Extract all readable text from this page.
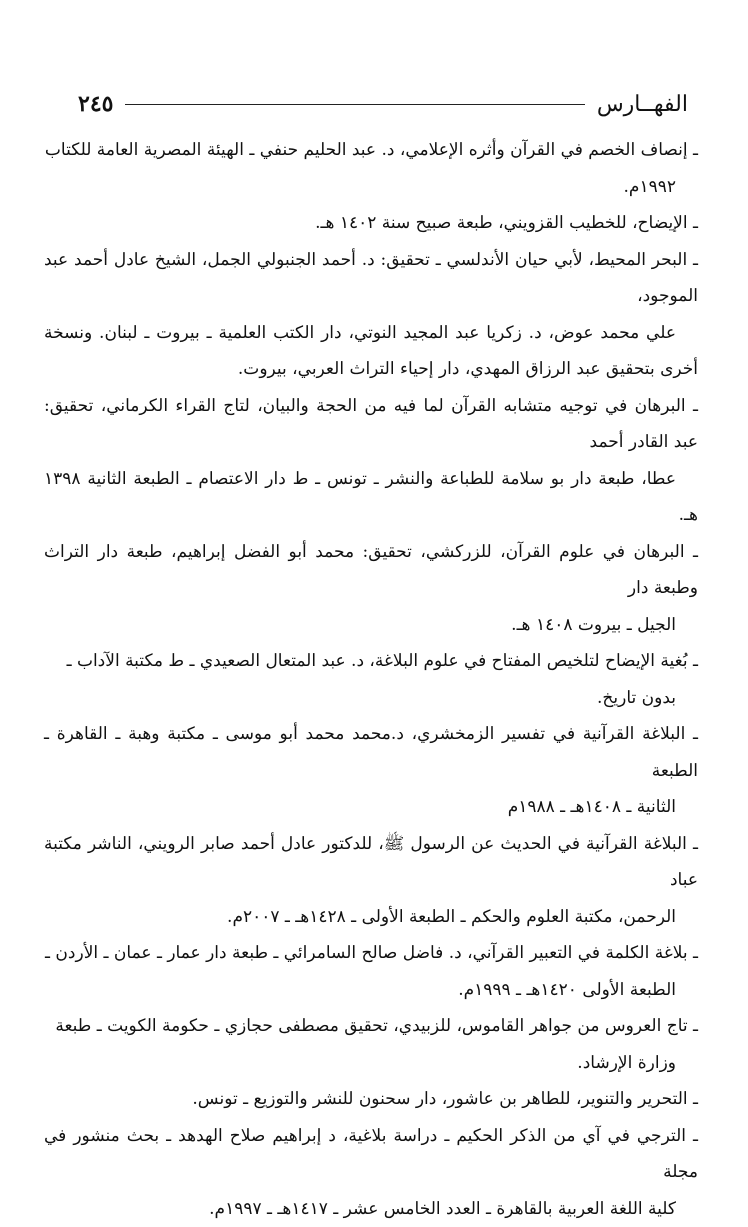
الفهــارس
٢٤٥

ـ إنصاف الخصم في القرآن وأثره الإعلامي، د. عبد الحليم حنفي ـ الهيئة المصرية العامة للكتاب
١٩٩٢م.

ـ الإيضاح، للخطيب القزويني، طبعة صبيح سنة ١٤٠٢ هـ.

ـ البحر المحيط، لأبي حيان الأندلسي ـ تحقيق: د. أحمد الجنبولي الجمل، الشيخ عادل أحمد عبد الموجود،
علي محمد عوض، د. زكريا عبد المجيد النوتي، دار الكتب العلمية ـ بيروت ـ لبنان. ونسخة أخرى بتحقيق عبد الرزاق المهدي، دار إحياء التراث العربي، بيروت.

ـ البرهان في توجيه متشابه القرآن لما فيه من الحجة والبيان، لتاج القراء الكرماني، تحقيق: عبد القادر أحمد
عطا، طبعة دار بو سلامة للطباعة والنشر ـ تونس ـ ط دار الاعتصام ـ الطبعة الثانية ١٣٩٨ هـ.

ـ البرهان في علوم القرآن، للزركشي، تحقيق: محمد أبو الفضل إبراهيم، طبعة دار التراث وطبعة دار
الجيل ـ بيروت ١٤٠٨ هـ.

ـ بُغية الإيضاح لتلخيص المفتاح في علوم البلاغة، د. عبد المتعال الصعيدي ـ ط مكتبة الآداب ـ
بدون تاريخ.

ـ البلاغة القرآنية في تفسير الزمخشري، د.محمد محمد أبو موسى ـ مكتبة وهبة ـ القاهرة ـ الطبعة
الثانية ـ ١٤٠٨هـ ـ ١٩٨٨م

ـ البلاغة القرآنية في الحديث عن الرسول ﷺ، للدكتور عادل أحمد صابر الرويني، الناشر مكتبة عباد
الرحمن، مكتبة العلوم والحكم ـ الطبعة الأولى ـ ١٤٢٨هـ ـ ٢٠٠٧م.

ـ بلاغة الكلمة في التعبير القرآني، د. فاضل صالح السامرائي ـ طبعة دار عمار ـ عمان ـ الأردن ـ
الطبعة الأولى ١٤٢٠هـ ـ ١٩٩٩م.

ـ تاج العروس من جواهر القاموس، للزبيدي، تحقيق مصطفى حجازي ـ حكومة الكويت ـ طبعة
وزارة الإرشاد.

ـ التحرير والتنوير، للطاهر بن عاشور، دار سحنون للنشر والتوزيع ـ تونس.

ـ الترجي في آي من الذكر الحكيم ـ دراسة بلاغية، د إبراهيم صلاح الهدهد ـ بحث منشور في مجلة
كلية اللغة العربية بالقاهرة ـ العدد الخامس عشر ـ ١٤١٧هـ ـ ١٩٩٧م.
